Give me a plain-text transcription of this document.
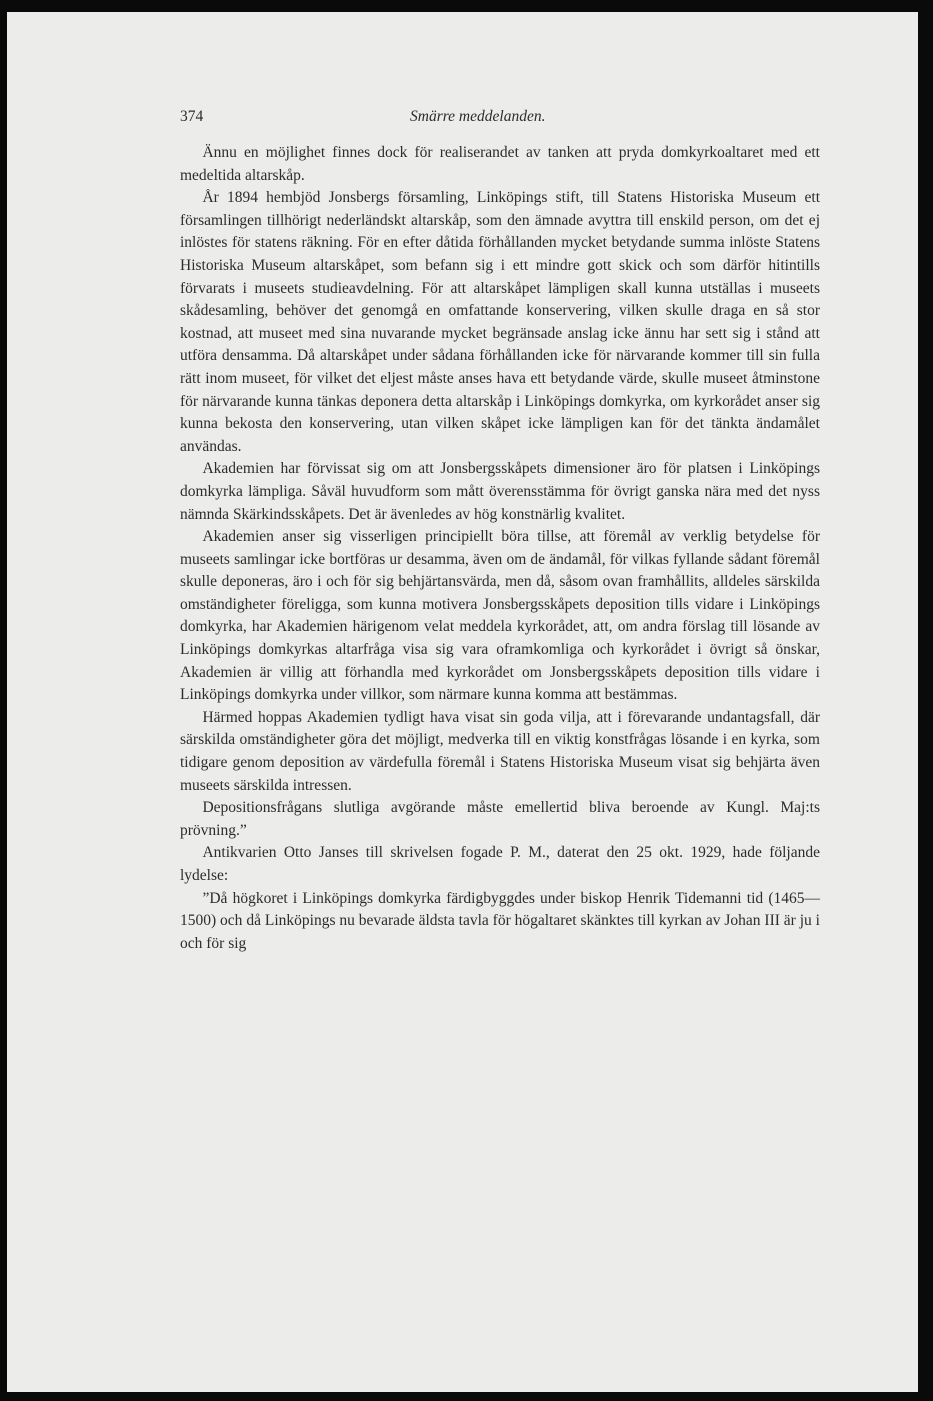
374	Smärre meddelanden.

Ännu en möjlighet finnes dock för realiserandet av tanken att pryda domkyrkoaltaret med ett medeltida altarskåp.

År 1894 hembjöd Jonsbergs församling, Linköpings stift, till Statens Historiska Museum ett församlingen tillhörigt nederländskt altarskåp, som den ämnade avyttra till enskild person, om det ej inlöstes för statens räkning. För en efter dåtida förhållanden mycket betydande summa inlöste Statens Historiska Museum altarskåpet, som befann sig i ett mindre gott skick och som därför hitintills förvarats i museets studieavdelning. För att altarskåpet lämpligen skall kunna utställas i museets skådesamling, behöver det genomgå en omfattande konservering, vilken skulle draga en så stor kostnad, att museet med sina nuvarande mycket begränsade anslag icke ännu har sett sig i stånd att utföra densamma. Då altarskåpet under sådana förhållanden icke för närvarande kommer till sin fulla rätt inom museet, för vilket det eljest måste anses hava ett betydande värde, skulle museet åtminstone för närvarande kunna tänkas deponera detta altarskåp i Linköpings domkyrka, om kyrkorådet anser sig kunna bekosta den konservering, utan vilken skåpet icke lämpligen kan för det tänkta ändamålet användas.

Akademien har förvissat sig om att Jonsbergsskåpets dimensioner äro för platsen i Linköpings domkyrka lämpliga. Såväl huvudform som mått överensstämma för övrigt ganska nära med det nyss nämnda Skärkindsskåpets. Det är ävenledes av hög konstnärlig kvalitet.

Akademien anser sig visserligen principiellt böra tillse, att föremål av verklig betydelse för museets samlingar icke bortföras ur desamma, även om de ändamål, för vilkas fyllande sådant föremål skulle deponeras, äro i och för sig behjärtansvärda, men då, såsom ovan framhållits, alldeles särskilda omständigheter föreligga, som kunna motivera Jonsbergsskåpets deposition tills vidare i Linköpings domkyrka, har Akademien härigenom velat meddela kyrkorådet, att, om andra förslag till lösande av Linköpings domkyrkas altarfråga visa sig vara oframkomliga och kyrkorådet i övrigt så önskar, Akademien är villig att förhandla med kyrkorådet om Jonsbergsskåpets deposition tills vidare i Linköpings domkyrka under villkor, som närmare kunna komma att bestämmas.

Härmed hoppas Akademien tydligt hava visat sin goda vilja, att i förevarande undantagsfall, där särskilda omständigheter göra det möjligt, medverka till en viktig konstfrågas lösande i en kyrka, som tidigare genom deposition av värdefulla föremål i Statens Historiska Museum visat sig behjärta även museets särskilda intressen.

Depositionsfrågans slutliga avgörande måste emellertid bliva beroende av Kungl. Maj:ts prövning.”

Antikvarien Otto Janses till skrivelsen fogade P. M., daterat den 25 okt. 1929, hade följande lydelse:

”Då högkoret i Linköpings domkyrka färdigbyggdes under biskop Henrik Tidemanni tid (1465—1500) och då Linköpings nu bevarade äldsta tavla för högaltaret skänktes till kyrkan av Johan III är ju i och för sig
